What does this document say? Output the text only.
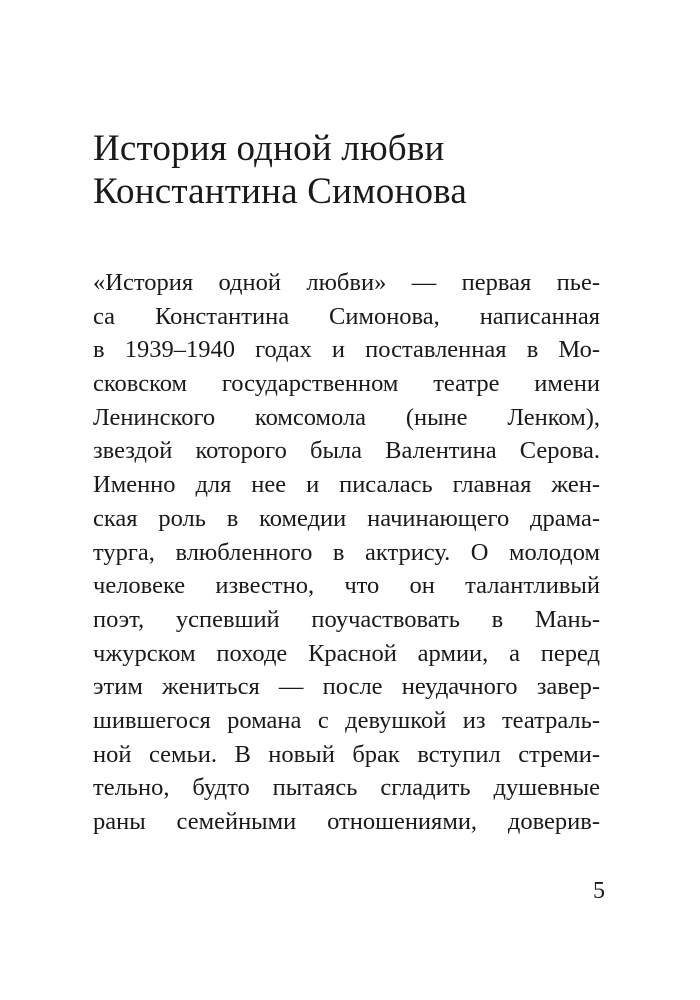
История одной любви
Константина Симонова
«История одной любви» — первая пье-
са Константина Симонова, написанная
в 1939–1940 годах и поставленная в Мо-
сковском государственном театре имени
Ленинского комсомола (ныне Ленком),
звездой которого была Валентина Серова.
Именно для нее и писалась главная жен-
ская роль в комедии начинающего драма-
турга, влюбленного в актрису. О молодом
человеке известно, что он талантливый
поэт, успевший поучаствовать в Мань-
чжурском походе Красной армии, а перед
этим жениться — после неудачного завер-
шившегося романа с девушкой из театраль-
ной семьи. В новый брак вступил стреми-
тельно, будто пытаясь сгладить душевные
раны семейными отношениями, доверив-
5
